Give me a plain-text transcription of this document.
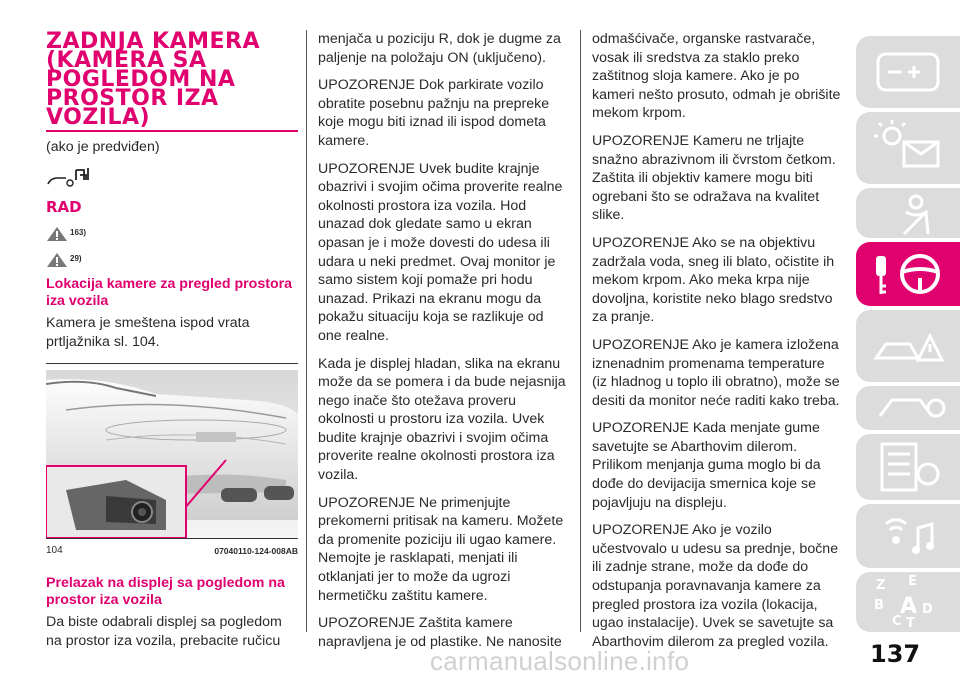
ZADNJA KAMERA
(KAMERA SA
POGLEDOM NA
PROSTOR IZA
VOZILA)

(ako je predviđen)

RAD
163)
29)
Lokacija kamere za pregled prostora iza vozila

Kamera je smeštena ispod vrata prtljažnika sl. 104.

104	07040110-124-008AB
Prelazak na displej sa pogledom na prostor iza vozila

Da biste odabrali displej sa pogledom na prostor iza vozila, prebacite ručicu

menjača u poziciju R, dok je dugme za paljenje na položaju ON (uključeno).

UPOZORENJE Dok parkirate vozilo obratite posebnu pažnju na prepreke koje mogu biti iznad ili ispod dometa kamere.

UPOZORENJE Uvek budite krajnje obazrivi i svojim očima proverite realne okolnosti prostora iza vozila. Hod unazad dok gledate samo u ekran opasan je i može dovesti do udesa ili udara u neki predmet. Ovaj monitor je samo sistem koji pomaže pri hodu unazad. Prikazi na ekranu mogu da pokažu situaciju koja se razlikuje od one realne.

Kada je displej hladan, slika na ekranu može da se pomera i da bude nejasnija nego inače što otežava proveru okolnosti u prostoru iza vozila. Uvek budite krajnje obazrivi i svojim očima proverite realne okolnosti prostora iza vozila.

UPOZORENJE Ne primenjujte prekomerni pritisak na kameru. Možete da promenite poziciju ili ugao kamere. Nemojte je rasklapati, menjati ili otklanjati jer to može da ugrozi hermetičku zaštitu kamere.

UPOZORENJE Zaštita kamere napravljena je od plastike. Ne nanosite

odmašćivače, organske rastvarače, vosak ili sredstva za staklo preko zaštitnog sloja kamere. Ako je po kameri nešto prosuto, odmah je obrišite mekom krpom.

UPOZORENJE Kameru ne trljajte snažno abrazivnom ili čvrstom četkom. Zaštita ili objektiv kamere mogu biti ogrebani što se odražava na kvalitet slike.

UPOZORENJE Ako se na objektivu zadržala voda, sneg ili blato, očistite ih mekom krpom. Ako meka krpa nije dovoljna, koristite neko blago sredstvo za pranje.

UPOZORENJE Ako je kamera izložena iznenadnim promenama temperature (iz hladnog u toplo ili obratno), može se desiti da monitor neće raditi kako treba.

UPOZORENJE Kada menjate gume savetujte se Abarthovim dilerom. Prilikom menjanja guma moglo bi da dođe do devijacija smernica koje se pojavljuju na displeju.

UPOZORENJE Ako je vozilo učestvovalo u udesu sa prednje, bočne ili zadnje strane, može da dođe do odstupanja poravnavanja kamere za pregled prostora iza vozila (lokacija, ugao instalacije). Uvek se savetujte sa Abarthovim dilerom za pregled vozila.

Z E
B A D
C T
carmanualsonline.info	137
